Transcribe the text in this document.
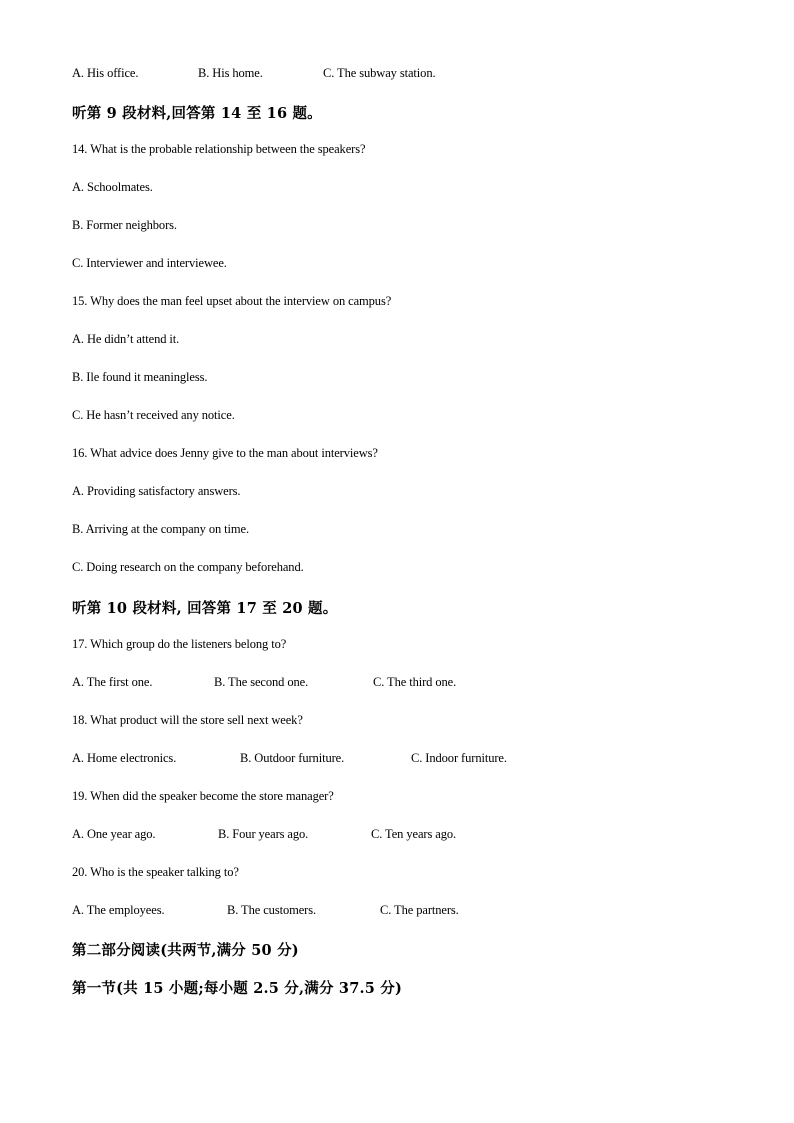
A. His office.	B. His home.	C. The subway station.
听第 9 段材料,回答第 14 至 16 题。
14. What is the probable relationship between the speakers?
A. Schoolmates.
B. Former neighbors.
C. Interviewer and interviewee.
15. Why does the man feel upset about the interview on campus?
A. He didn’t attend it.
B. Ile found it meaningless.
C. He hasn’t received any notice.
16. What advice does Jenny give to the man about interviews?
A. Providing satisfactory answers.
B. Arriving at the company on time.
C. Doing research on the company beforehand.
听第 10 段材料, 回答第 17 至 20 题。
17. Which group do the listeners belong to?
A. The first one.	B. The second one.	C. The third one.
18. What product will the store sell next week?
A. Home electronics.	B. Outdoor furniture.	C. Indoor furniture.
19. When did the speaker become the store manager?
A. One year ago.	B. Four years ago.	C. Ten years ago.
20. Who is the speaker talking to?
A. The employees.	B. The customers.	C. The partners.
第二部分阅读(共两节,满分 50 分)
第一节(共 15 小题;每小题 2.5 分,满分 37.5 分)
